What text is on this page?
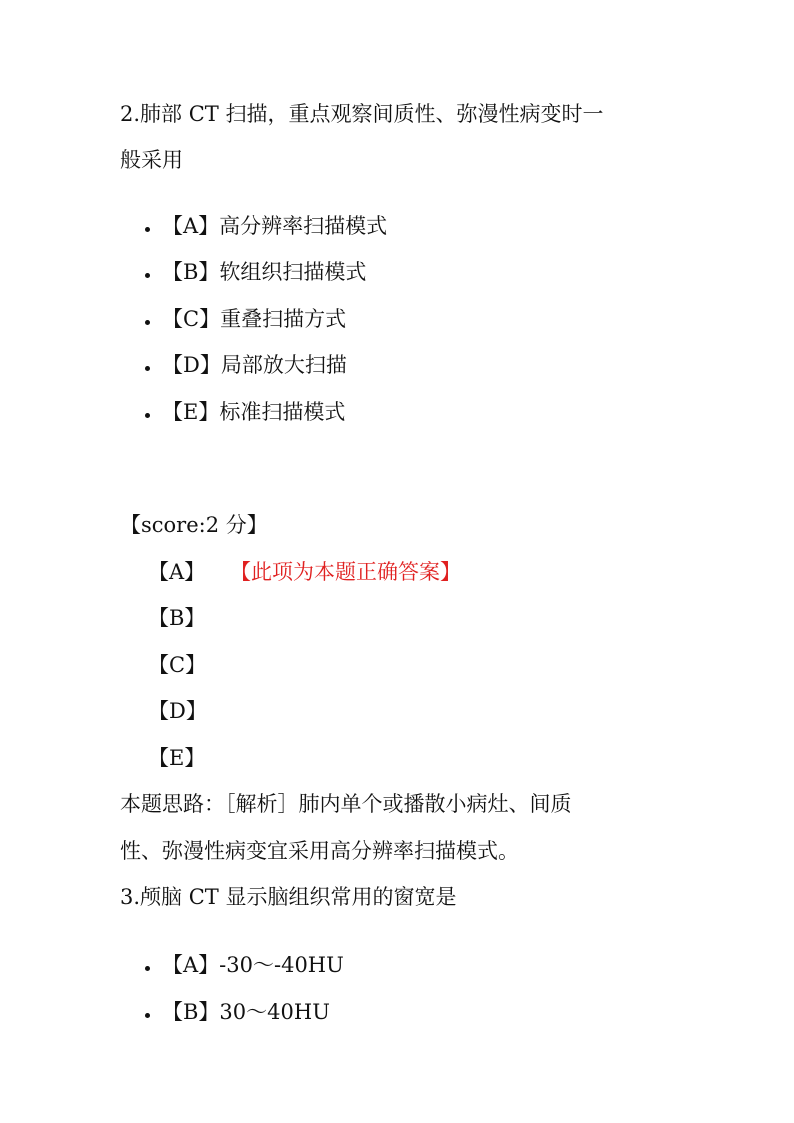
2.肺部 CT 扫描，重点观察间质性、弥漫性病变时一
般采用
【A】高分辨率扫描模式
【B】软组织扫描模式
【C】重叠扫描方式
【D】局部放大扫描
【E】标准扫描模式
【score:2 分】
【A】 【此项为本题正确答案】
【B】
【C】
【D】
【E】
本题思路：［解析］肺内单个或播散小病灶、间质
性、弥漫性病变宜采用高分辨率扫描模式。
3.颅脑 CT 显示脑组织常用的窗宽是
【A】-30～-40HU
【B】30～40HU
